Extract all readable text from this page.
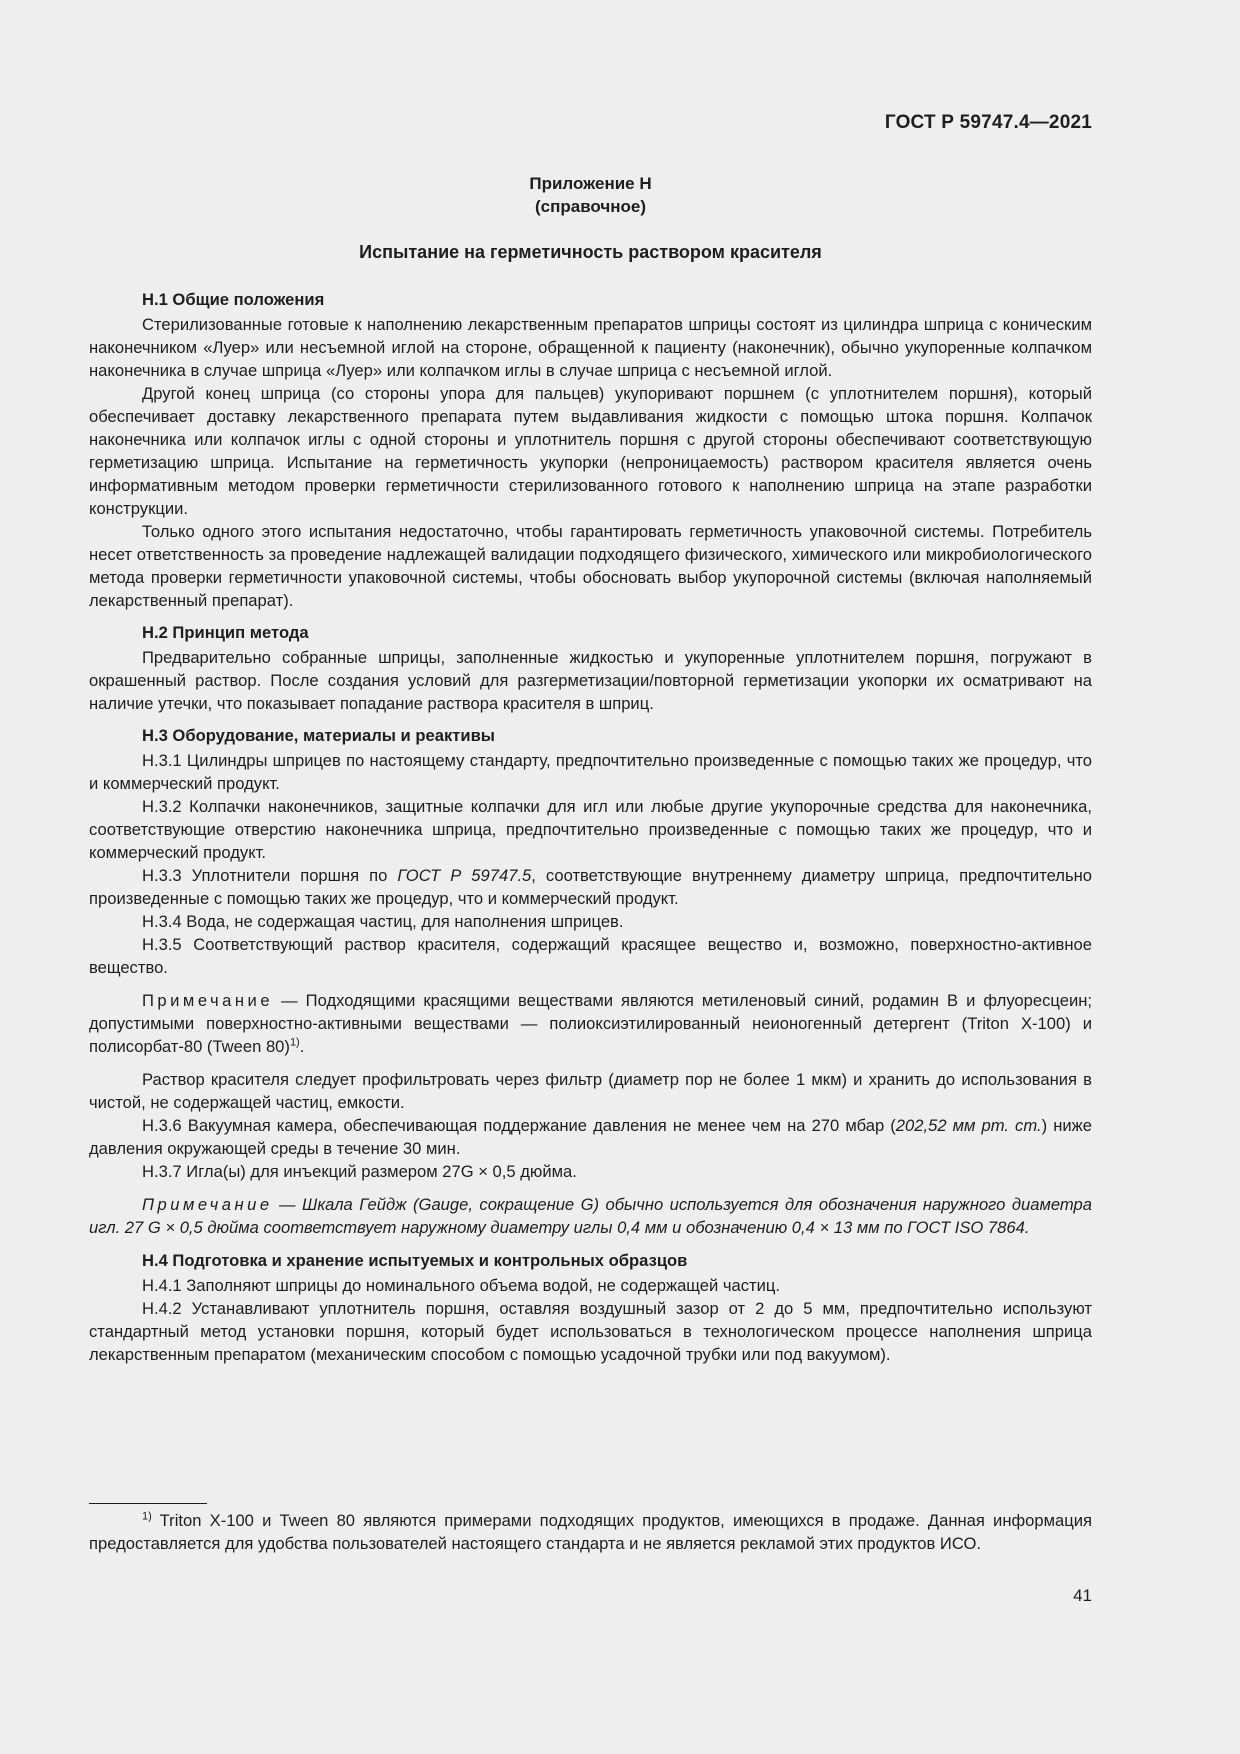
ГОСТ Р 59747.4—2021
Приложение Н
(справочное)
Испытание на герметичность раствором красителя
Н.1 Общие положения

Стерилизованные готовые к наполнению лекарственным препаратов шприцы состоят из цилиндра шприца с коническим наконечником «Луер» или несъемной иглой на стороне, обращенной к пациенту (наконечник), обычно укупоренные колпачком наконечника в случае шприца «Луер» или колпачком иглы в случае шприца с несъемной иглой.

Другой конец шприца (со стороны упора для пальцев) укупоривают поршнем (с уплотнителем поршня), который обеспечивает доставку лекарственного препарата путем выдавливания жидкости с помощью штока поршня. Колпачок наконечника или колпачок иглы с одной стороны и уплотнитель поршня с другой стороны обеспечивают соответствующую герметизацию шприца. Испытание на герметичность укупорки (непроницаемость) раствором красителя является очень информативным методом проверки герметичности стерилизованного готового к наполнению шприца на этапе разработки конструкции.

Только одного этого испытания недостаточно, чтобы гарантировать герметичность упаковочной системы. Потребитель несет ответственность за проведение надлежащей валидации подходящего физического, химического или микробиологического метода проверки герметичности упаковочной системы, чтобы обосновать выбор укупорочной системы (включая наполняемый лекарственный препарат).

Н.2 Принцип метода

Предварительно собранные шприцы, заполненные жидкостью и укупоренные уплотнителем поршня, погружают в окрашенный раствор. После создания условий для разгерметизации/повторной герметизации укопорки их осматривают на наличие утечки, что показывает попадание раствора красителя в шприц.

Н.3 Оборудование, материалы и реактивы

Н.3.1 Цилиндры шприцев по настоящему стандарту, предпочтительно произведенные с помощью таких же процедур, что и коммерческий продукт.

Н.3.2 Колпачки наконечников, защитные колпачки для игл или любые другие укупорочные средства для наконечника, соответствующие отверстию наконечника шприца, предпочтительно произведенные с помощью таких же процедур, что и коммерческий продукт.

Н.3.3 Уплотнители поршня по ГОСТ Р 59747.5, соответствующие внутреннему диаметру шприца, предпочтительно произведенные с помощью таких же процедур, что и коммерческий продукт.

Н.3.4 Вода, не содержащая частиц, для наполнения шприцев.

Н.3.5 Соответствующий раствор красителя, содержащий красящее вещество и, возможно, поверхностно-активное вещество.

Примечание — Подходящими красящими веществами являются метиленовый синий, родамин В и флуоресцеин; допустимыми поверхностно-активными веществами — полиоксиэтилированный неионогенный детергент (Triton X-100) и полисорбат-80 (Tween 80)$^{1)}$.

Раствор красителя следует профильтровать через фильтр (диаметр пор не более 1 мкм) и хранить до использования в чистой, не содержащей частиц, емкости.

Н.3.6 Вакуумная камера, обеспечивающая поддержание давления не менее чем на 270 мбар (202,52 мм рт. ст.) ниже давления окружающей среды в течение 30 мин.

Н.3.7 Игла(ы) для инъекций размером 27G × 0,5 дюйма.

Примечание — Шкала Гейдж (Gauge, сокращение G) обычно используется для обозначения наружного диаметра игл. 27 G × 0,5 дюйма соответствует наружному диаметру иглы 0,4 мм и обозначению 0,4 × 13 мм по ГОСТ ISO 7864.

Н.4 Подготовка и хранение испытуемых и контрольных образцов

Н.4.1 Заполняют шприцы до номинального объема водой, не содержащей частиц.

Н.4.2 Устанавливают уплотнитель поршня, оставляя воздушный зазор от 2 до 5 мм, предпочтительно используют стандартный метод установки поршня, который будет использоваться в технологическом процессе наполнения шприца лекарственным препаратом (механическим способом с помощью усадочной трубки или под вакуумом).

$^{1)}$ Triton X-100 и Tween 80 являются примерами подходящих продуктов, имеющихся в продаже. Данная информация предоставляется для удобства пользователей настоящего стандарта и не является рекламой этих продуктов ИСО.

41
